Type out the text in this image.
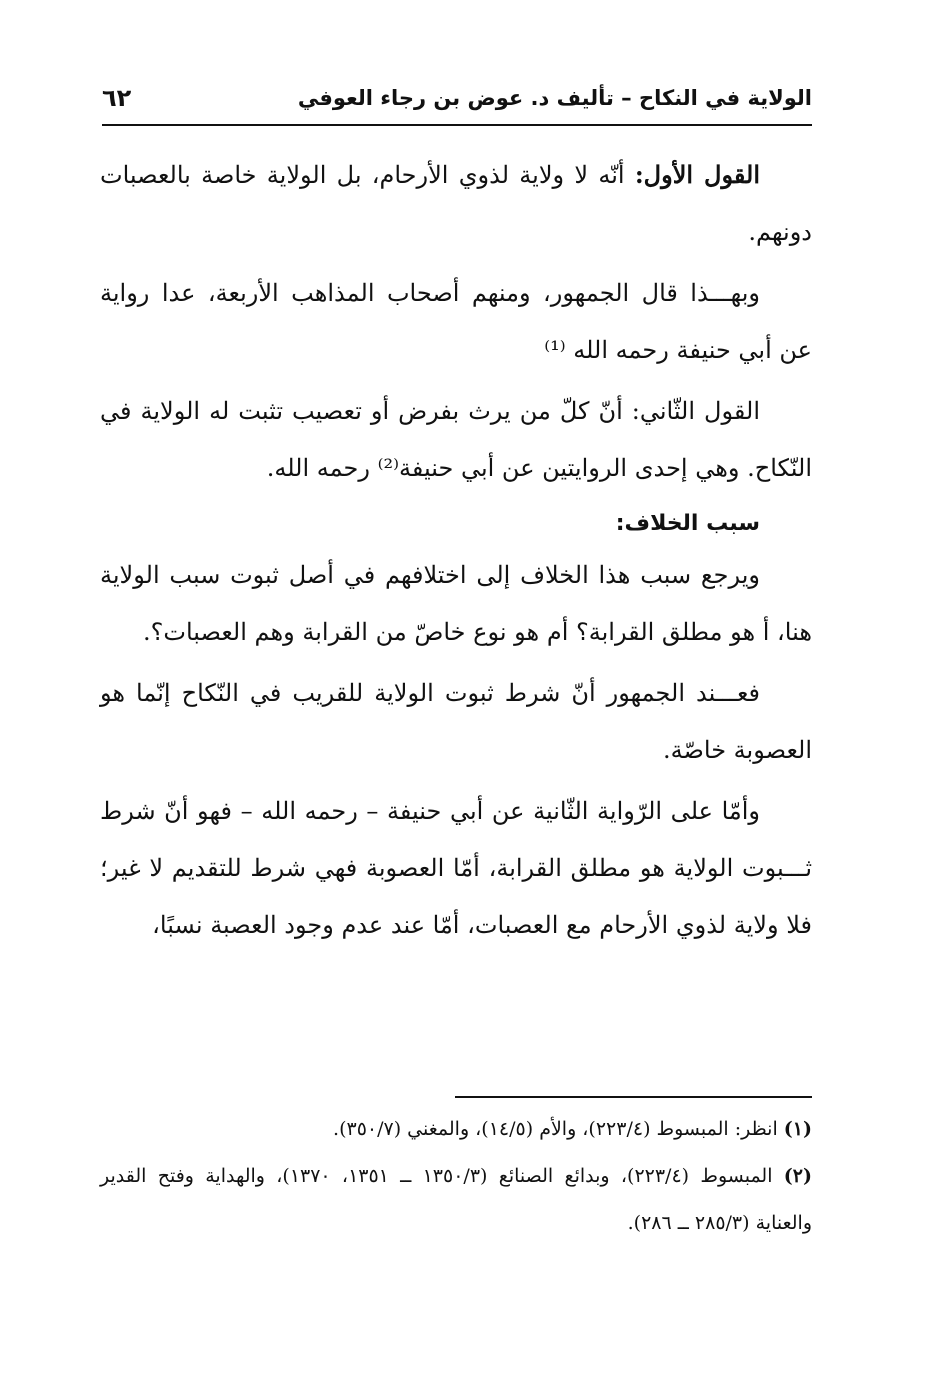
الولاية في النكاح – تأليف د. عوض بن رجاء العوفي
٦٢

القول الأول: أنّه لا ولاية لذوي الأرحام، بل الولاية خاصة بالعصبات دونهم.

وبهـــذا قال الجمهور، ومنهم أصحاب المذاهب الأربعة، عدا رواية عن أبي حنيفة رحمه الله ⁽¹⁾

القول الثّاني: أنّ كلّ من يرث بفرض أو تعصيب تثبت له الولاية في النّكاح. وهي إحدى الروايتين عن أبي حنيفة⁽²⁾ رحمه الله.

سبب الخلاف:

ويرجع سبب هذا الخلاف إلى اختلافهم في أصل ثبوت سبب الولاية هنا، أ هو مطلق القرابة؟ أم هو نوع خاصّ من القرابة وهم العصبات؟.

فعـــند الجمهور أنّ شرط ثبوت الولاية للقريب في النّكاح إنّما هو العصوبة خاصّة.

وأمّا على الرّواية الثّانية عن أبي حنيفة – رحمه الله – فهو أنّ شرط ثـــبوت الولاية هو مطلق القرابة، أمّا العصوبة فهي شرط للتقديم لا غير؛ فلا ولاية لذوي الأرحام مع العصبات، أمّا عند عدم وجود العصبة نسبًا،

(١) انظر: المبسوط (٢٢٣/٤)، والأم (١٤/٥)، والمغني (٣٥٠/٧).

(٢) المبسوط (٢٢٣/٤)، وبدائع الصنائع (١٣٥٠/٣ ــ ١٣٥١، ١٣٧٠)، والهداية وفتح القدير والعناية (٢٨٥/٣ ــ ٢٨٦).
